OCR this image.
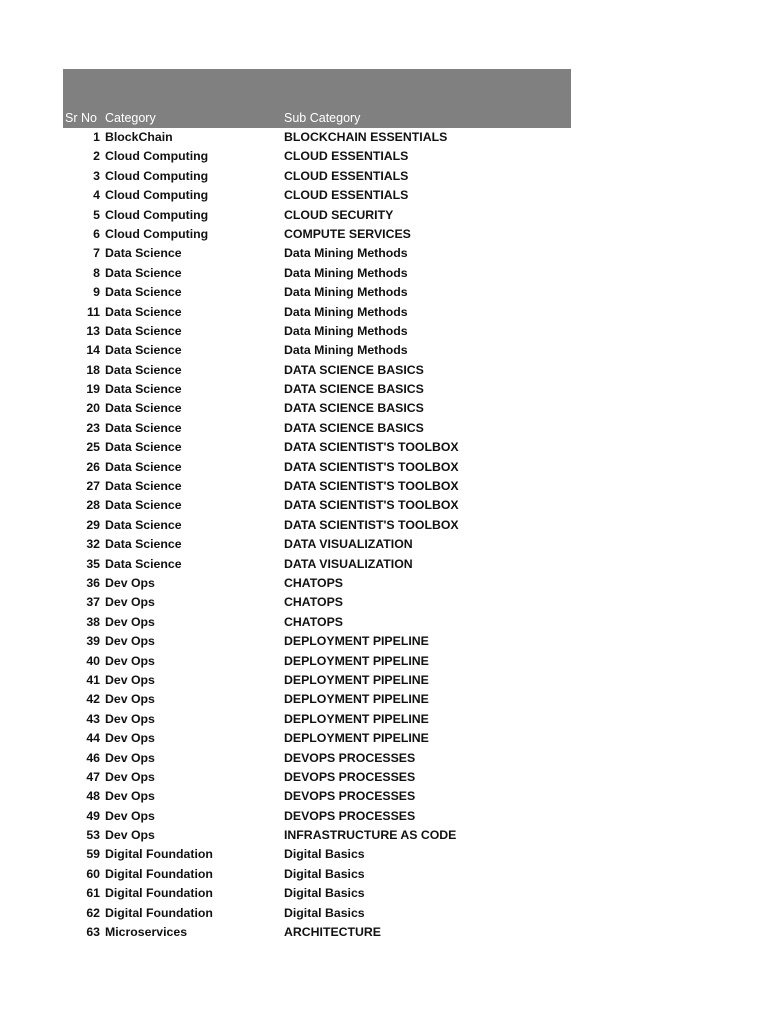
Sr No Category	Sub Category
1 BlockChain	BLOCKCHAIN ESSENTIALS
2 Cloud Computing	CLOUD ESSENTIALS
3 Cloud Computing	CLOUD ESSENTIALS
4 Cloud Computing	CLOUD ESSENTIALS
5 Cloud Computing	CLOUD SECURITY
6 Cloud Computing	COMPUTE SERVICES
7 Data Science	Data Mining Methods
8 Data Science	Data Mining Methods
9 Data Science	Data Mining Methods
11 Data Science	Data Mining Methods
13 Data Science	Data Mining Methods
14 Data Science	Data Mining Methods
18 Data Science	DATA SCIENCE BASICS
19 Data Science	DATA SCIENCE BASICS
20 Data Science	DATA SCIENCE BASICS
23 Data Science	DATA SCIENCE BASICS
25 Data Science	DATA SCIENTIST'S TOOLBOX
26 Data Science	DATA SCIENTIST'S TOOLBOX
27 Data Science	DATA SCIENTIST'S TOOLBOX
28 Data Science	DATA SCIENTIST'S TOOLBOX
29 Data Science	DATA SCIENTIST'S TOOLBOX
32 Data Science	DATA VISUALIZATION
35 Data Science	DATA VISUALIZATION
36 Dev Ops	CHATOPS
37 Dev Ops	CHATOPS
38 Dev Ops	CHATOPS
39 Dev Ops	DEPLOYMENT PIPELINE
40 Dev Ops	DEPLOYMENT PIPELINE
41 Dev Ops	DEPLOYMENT PIPELINE
42 Dev Ops	DEPLOYMENT PIPELINE
43 Dev Ops	DEPLOYMENT PIPELINE
44 Dev Ops	DEPLOYMENT PIPELINE
46 Dev Ops	DEVOPS PROCESSES
47 Dev Ops	DEVOPS PROCESSES
48 Dev Ops	DEVOPS PROCESSES
49 Dev Ops	DEVOPS PROCESSES
53 Dev Ops	INFRASTRUCTURE AS CODE
59 Digital Foundation	Digital Basics
60 Digital Foundation	Digital Basics
61 Digital Foundation	Digital Basics
62 Digital Foundation	Digital Basics
63 Microservices	ARCHITECTURE
